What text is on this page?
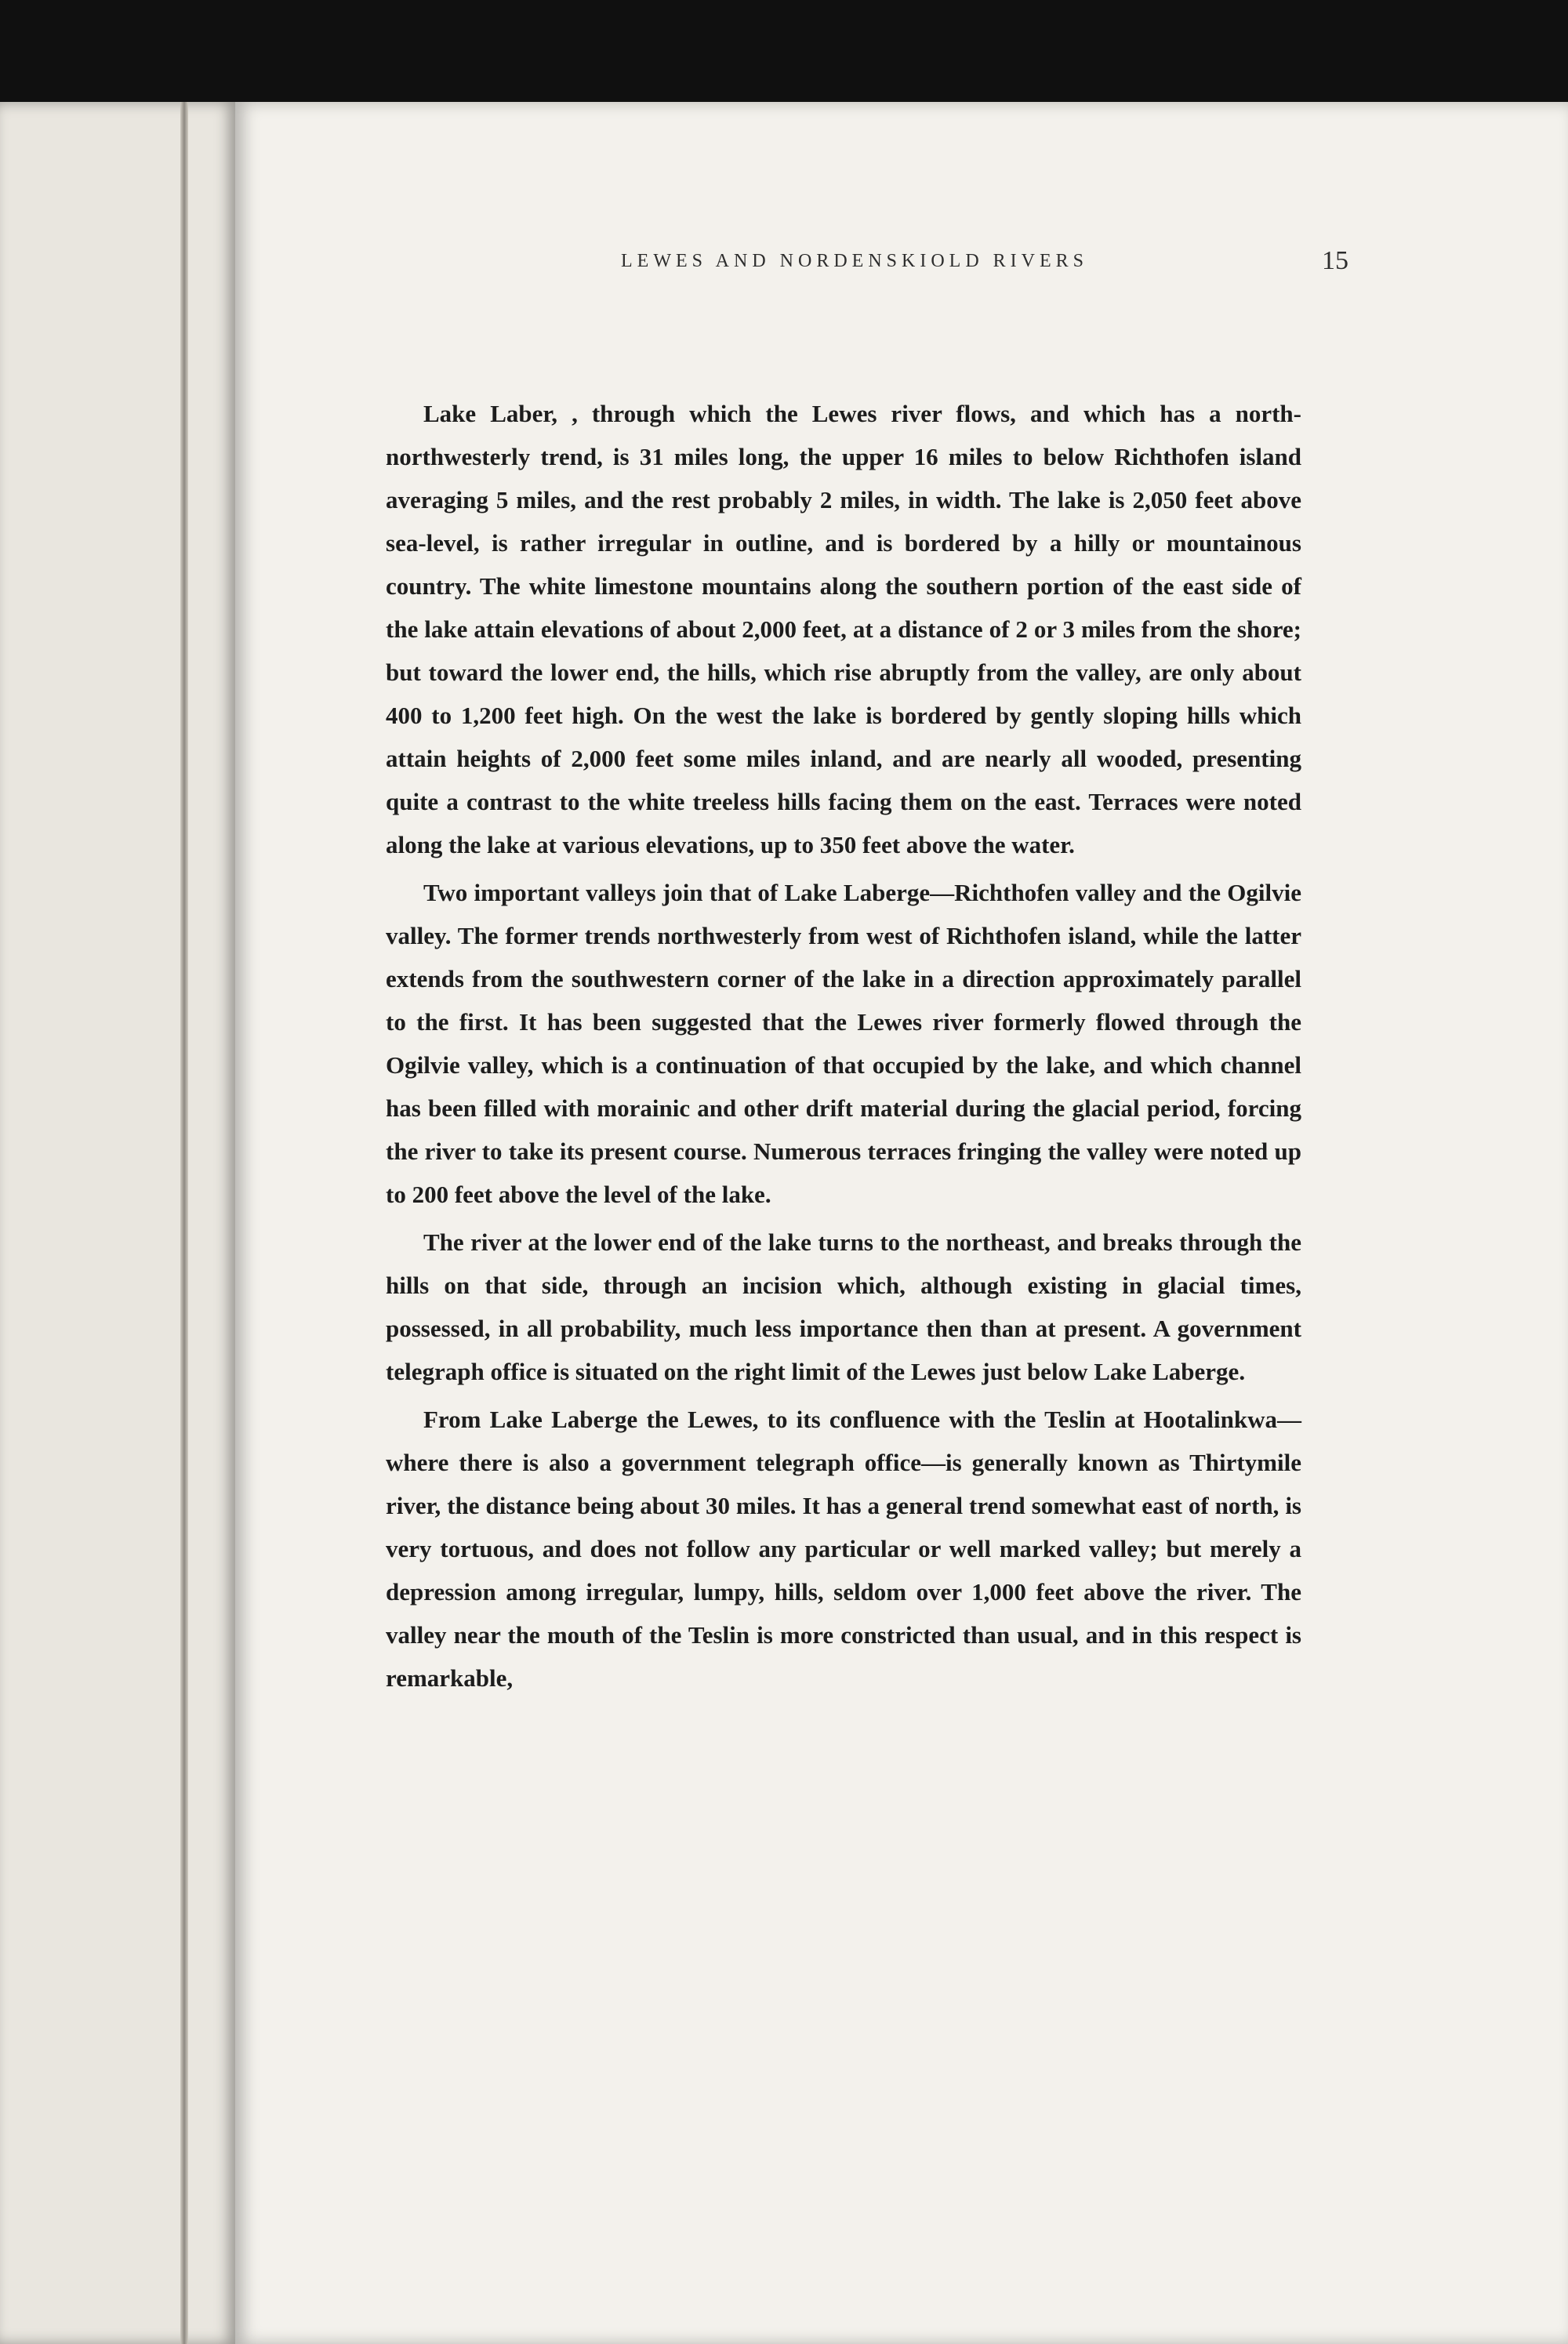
LEWES AND NORDENSKIOLD RIVERS	15

Lake Laber, , through which the Lewes river flows, and which has a north-northwesterly trend, is 31 miles long, the upper 16 miles to below Richthofen island averaging 5 miles, and the rest probably 2 miles, in width. The lake is 2,050 feet above sea-level, is rather irregular in outline, and is bordered by a hilly or mountainous country. The white limestone mountains along the southern portion of the east side of the lake attain elevations of about 2,000 feet, at a distance of 2 or 3 miles from the shore; but toward the lower end, the hills, which rise abruptly from the valley, are only about 400 to 1,200 feet high. On the west the lake is bordered by gently sloping hills which attain heights of 2,000 feet some miles inland, and are nearly all wooded, presenting quite a contrast to the white treeless hills facing them on the east. Terraces were noted along the lake at various elevations, up to 350 feet above the water.

Two important valleys join that of Lake Laberge—Richthofen valley and the Ogilvie valley. The former trends northwesterly from west of Richthofen island, while the latter extends from the southwestern corner of the lake in a direction approximately parallel to the first. It has been suggested that the Lewes river formerly flowed through the Ogilvie valley, which is a continuation of that occupied by the lake, and which channel has been filled with morainic and other drift material during the glacial period, forcing the river to take its present course. Numerous terraces fringing the valley were noted up to 200 feet above the level of the lake.

The river at the lower end of the lake turns to the northeast, and breaks through the hills on that side, through an incision which, although existing in glacial times, possessed, in all probability, much less importance then than at present. A government telegraph office is situated on the right limit of the Lewes just below Lake Laberge.

From Lake Laberge the Lewes, to its confluence with the Teslin at Hootalinkwa—where there is also a government telegraph office—is generally known as Thirtymile river, the distance being about 30 miles. It has a general trend somewhat east of north, is very tortuous, and does not follow any particular or well marked valley; but merely a depression among irregular, lumpy, hills, seldom over 1,000 feet above the river. The valley near the mouth of the Teslin is more constricted than usual, and in this respect is remarkable,
